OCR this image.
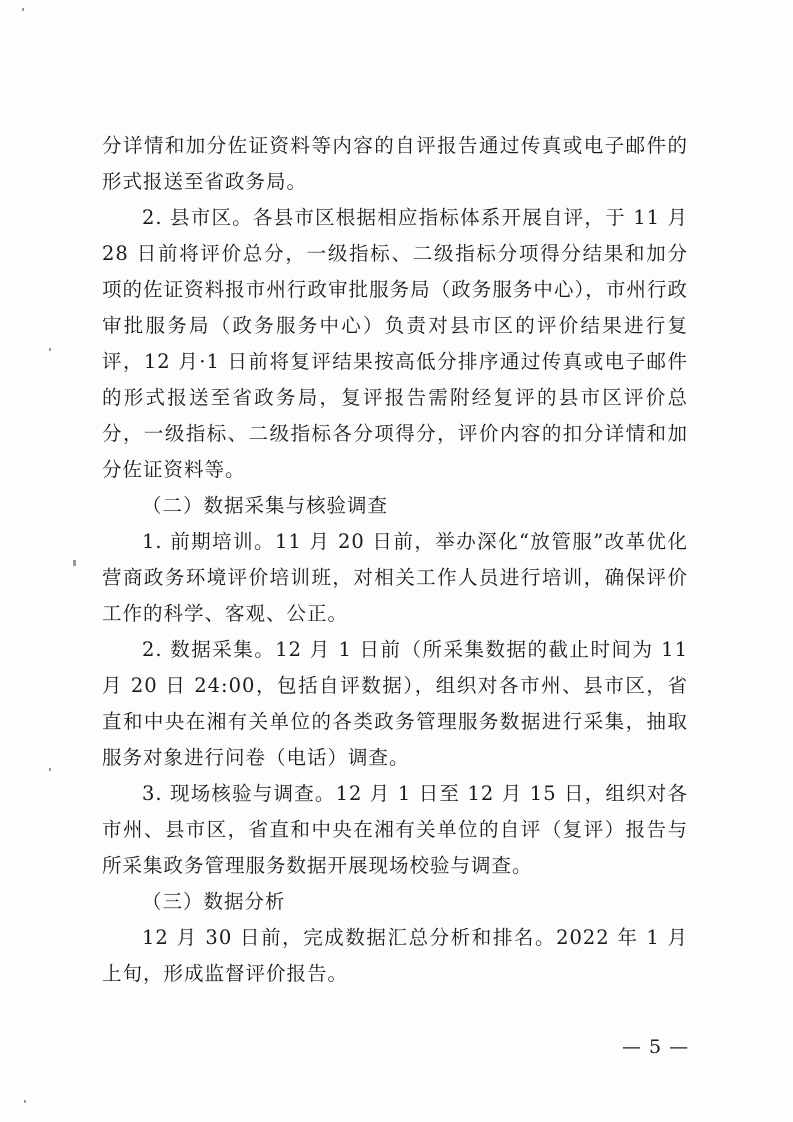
分详情和加分佐证资料等内容的自评报告通过传真或电子邮件的形式报送至省政务局。

2. 县市区。各县市区根据相应指标体系开展自评，于 11 月 28 日前将评价总分，一级指标、二级指标分项得分结果和加分项的佐证资料报市州行政审批服务局（政务服务中心），市州行政审批服务局（政务服务中心）负责对县市区的评价结果进行复评，12 月·1 日前将复评结果按高低分排序通过传真或电子邮件的形式报送至省政务局，复评报告需附经复评的县市区评价总分，一级指标、二级指标各分项得分，评价内容的扣分详情和加分佐证资料等。

（二）数据采集与核验调查

1. 前期培训。11 月 20 日前，举办深化“放管服”改革优化营商政务环境评价培训班，对相关工作人员进行培训，确保评价工作的科学、客观、公正。

2. 数据采集。12 月 1 日前（所采集数据的截止时间为 11 月 20 日 24:00，包括自评数据），组织对各市州、县市区，省直和中央在湘有关单位的各类政务管理服务数据进行采集，抽取服务对象进行问卷（电话）调查。

3. 现场核验与调查。12 月 1 日至 12 月 15 日，组织对各市州、县市区，省直和中央在湘有关单位的自评（复评）报告与所采集政务管理服务数据开展现场校验与调查。

（三）数据分析

12 月 30 日前，完成数据汇总分析和排名。2022 年 1 月上旬，形成监督评价报告。

— 5 —
